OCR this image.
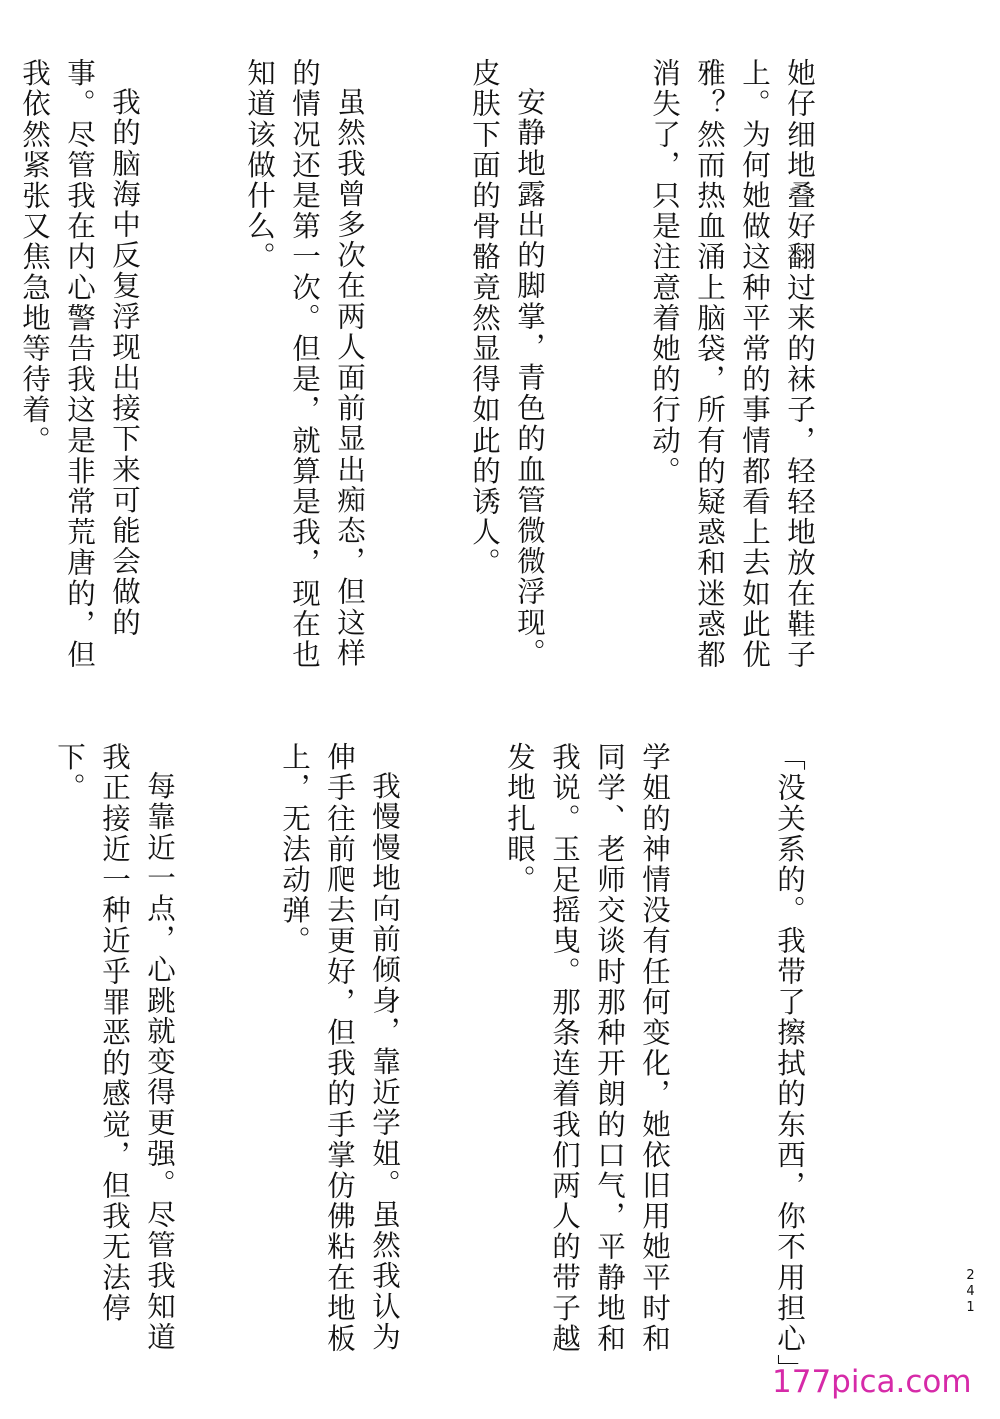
她仔细地叠好翻过来的袜子，轻轻地放在鞋子上。为何她做这种平常的事情都看上去如此优雅？然而热血涌上脑袋，所有的疑惑和迷惑都消失了，只是注意着她的行动。

安静地露出的脚掌，青色的血管微微浮现。皮肤下面的骨骼竟然显得如此的诱人。

虽然我曾多次在两人面前显出痴态，但这样的情况还是第一次。但是，就算是我，现在也知道该做什么。

我的脑海中反复浮现出接下来可能会做的事。尽管我在内心警告我这是非常荒唐的，但我依然紧张又焦急地等待着。

「没关系的。我带了擦拭的东西，你不用担心」

学姐的神情没有任何变化，她依旧用她平时和同学、老师交谈时那种开朗的口气，平静地和我说。玉足摇曳。那条连着我们两人的带子越发地扎眼。

我慢慢地向前倾身，靠近学姐。虽然我认为伸手往前爬去更好，但我的手掌仿佛粘在地板上，无法动弹。

每靠近一点，心跳就变得更强。尽管我知道我正接近一种近乎罪恶的感觉，但我无法停下。

241
177pica.com
